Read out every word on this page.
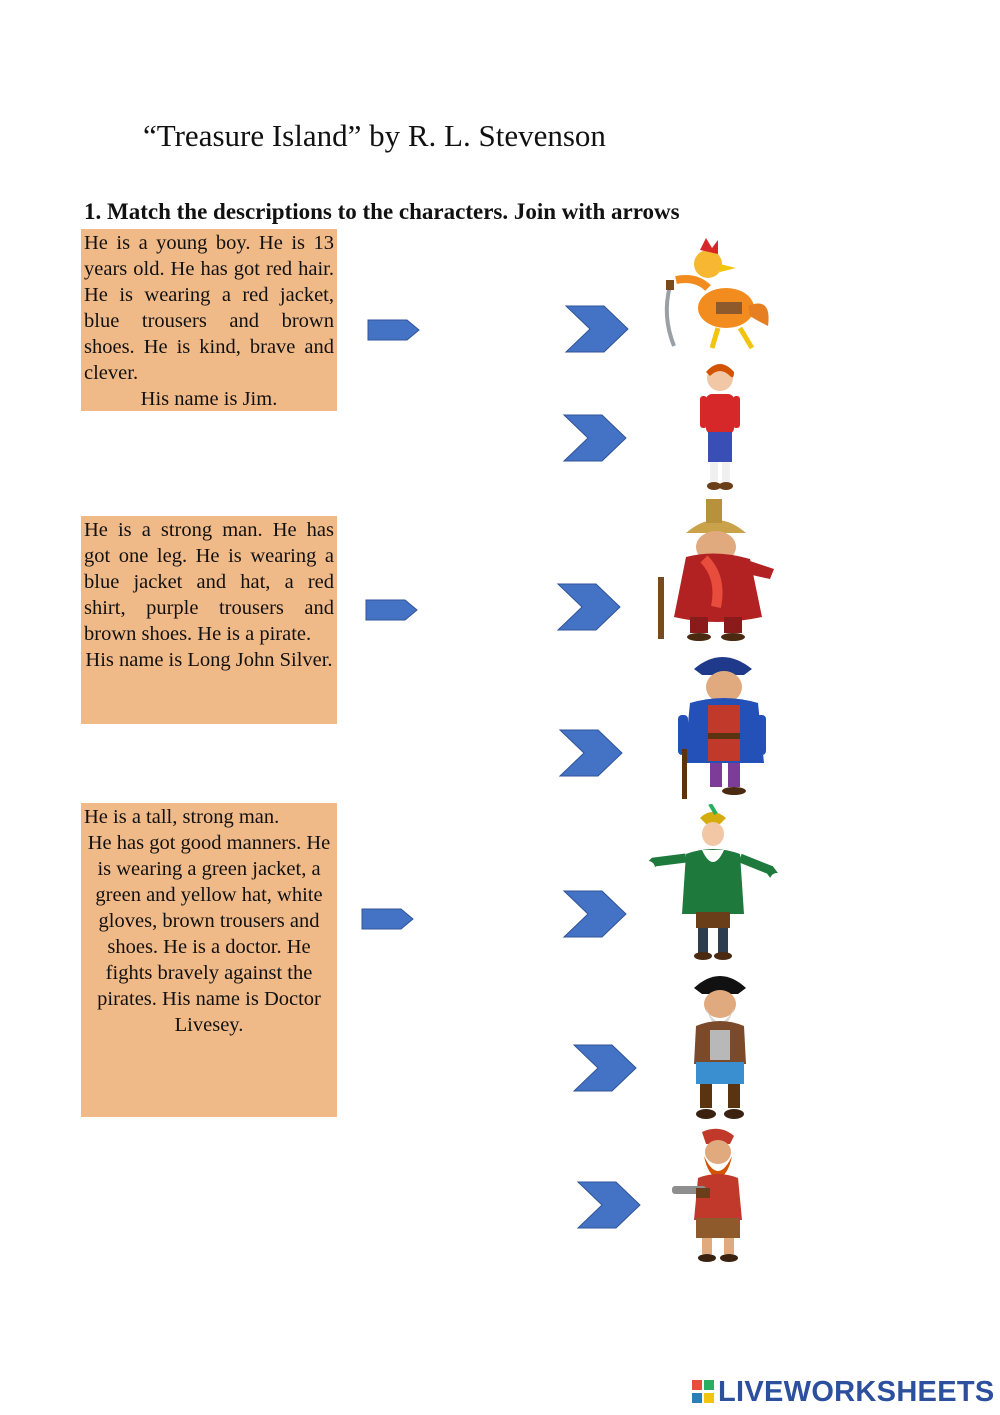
“Treasure Island” by R. L. Stevenson
1. Match the descriptions to the characters. Join with arrows

He is a young boy. He is 13 years old. He has got red hair. He is wearing a red jacket, blue trousers and brown shoes. He is kind, brave and clever.

His name is Jim.

He is a strong man. He has got one leg. He is wearing a blue jacket and hat, a red shirt, purple trousers and brown shoes. He is a pirate.

His name is Long John Silver.

He is a tall, strong man.

He has got good manners. He is wearing a green jacket, a green and yellow hat, white gloves, brown trousers and shoes. He is a doctor. He fights bravely against the pirates. His name is Doctor Livesey.

LIVEWORKSHEETS
